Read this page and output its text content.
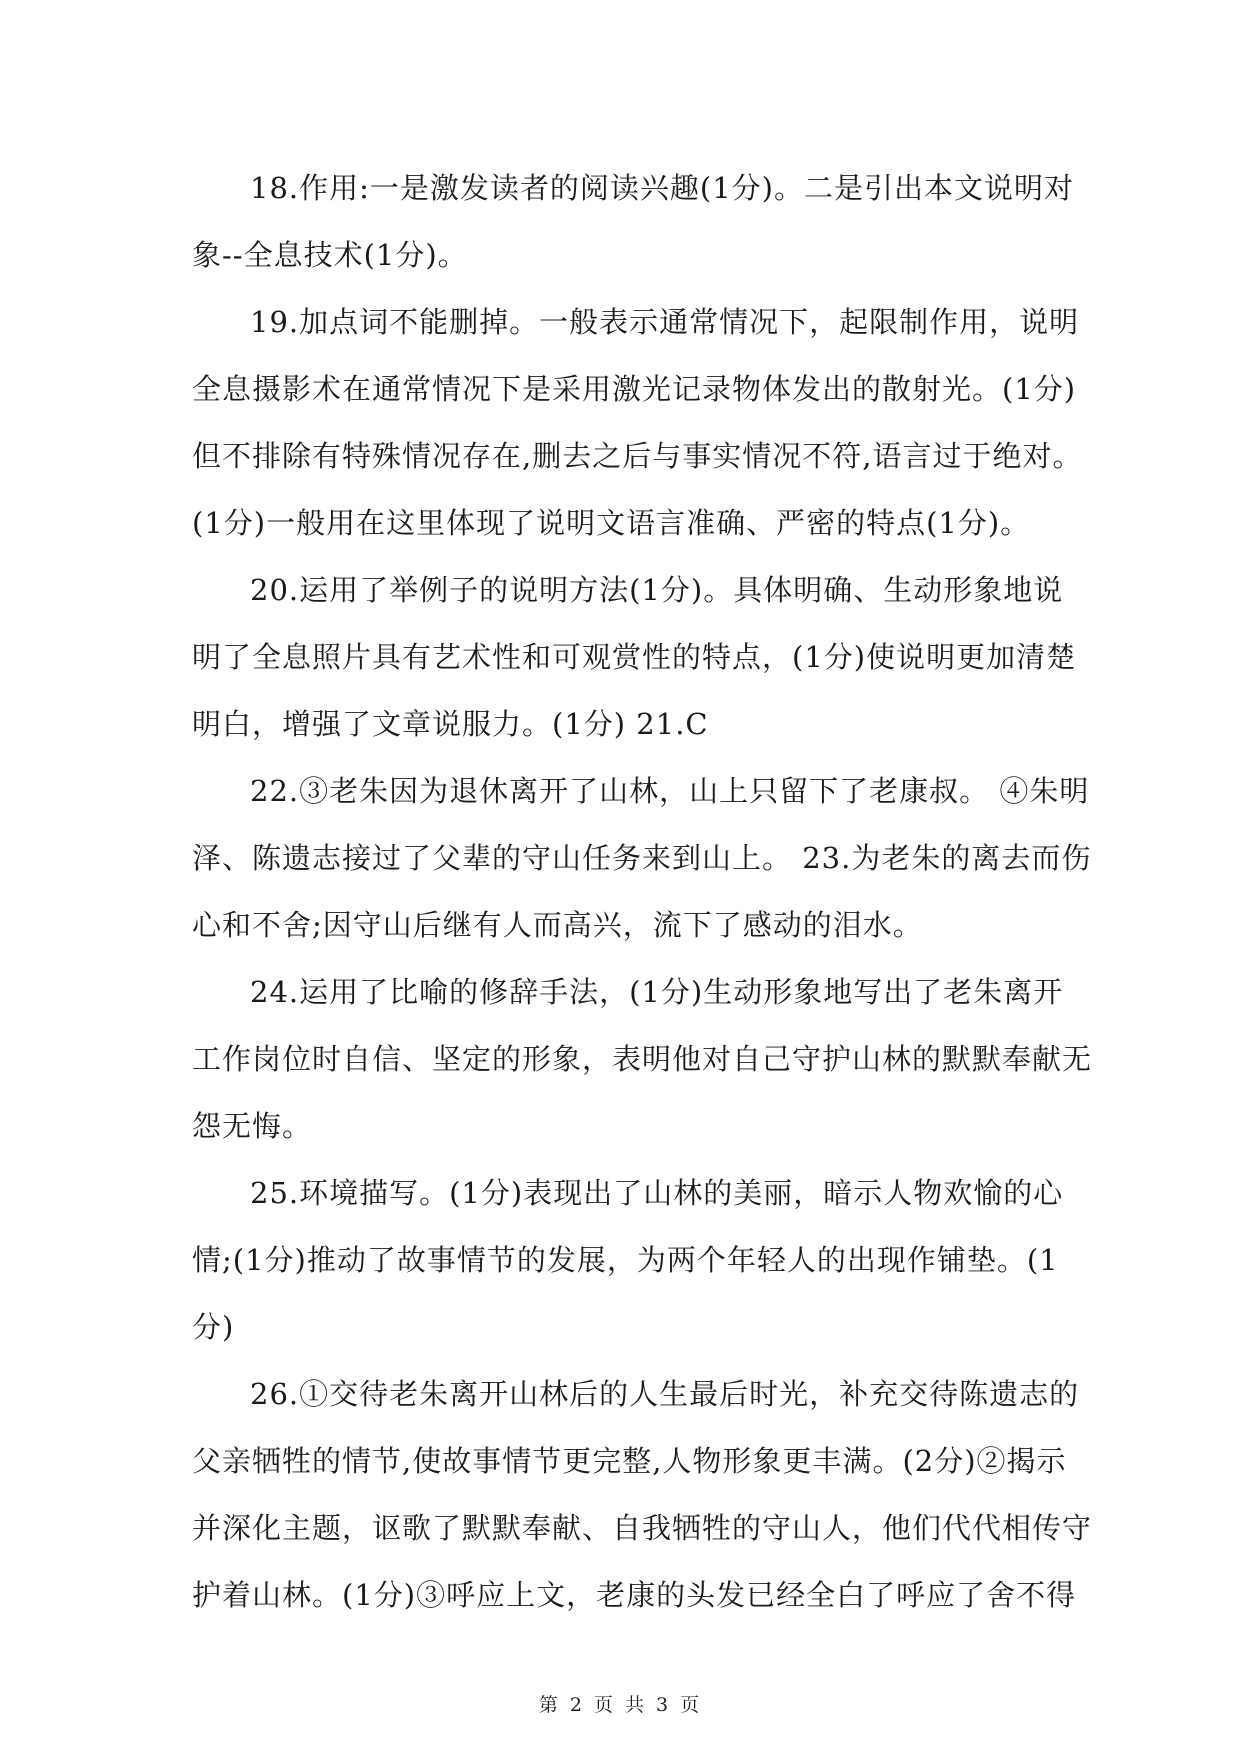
18.作用:一是激发读者的阅读兴趣(1分)。二是引出本文说明对
象--全息技术(1分)。
19.加点词不能删掉。一般表示通常情况下，起限制作用，说明
全息摄影术在通常情况下是采用激光记录物体发出的散射光。(1分)
但不排除有特殊情况存在,删去之后与事实情况不符,语言过于绝对。
(1分)一般用在这里体现了说明文语言准确、严密的特点(1分)。
20.运用了举例子的说明方法(1分)。具体明确、生动形象地说
明了全息照片具有艺术性和可观赏性的特点，(1分)使说明更加清楚
明白，增强了文章说服力。(1分) 21.C
22.③老朱因为退休离开了山林，山上只留下了老康叔。 ④朱明
泽、陈遗志接过了父辈的守山任务来到山上。 23.为老朱的离去而伤
心和不舍;因守山后继有人而高兴，流下了感动的泪水。
24.运用了比喻的修辞手法，(1分)生动形象地写出了老朱离开
工作岗位时自信、坚定的形象，表明他对自己守护山林的默默奉献无
怨无悔。
25.环境描写。(1分)表现出了山林的美丽，暗示人物欢愉的心
情;(1分)推动了故事情节的发展，为两个年轻人的出现作铺垫。(1
分)
26.①交待老朱离开山林后的人生最后时光，补充交待陈遗志的
父亲牺牲的情节,使故事情节更完整,人物形象更丰满。(2分)②揭示
并深化主题，讴歌了默默奉献、自我牺牲的守山人，他们代代相传守
护着山林。(1分)③呼应上文，老康的头发已经全白了呼应了舍不得
第 2 页 共 3 页
